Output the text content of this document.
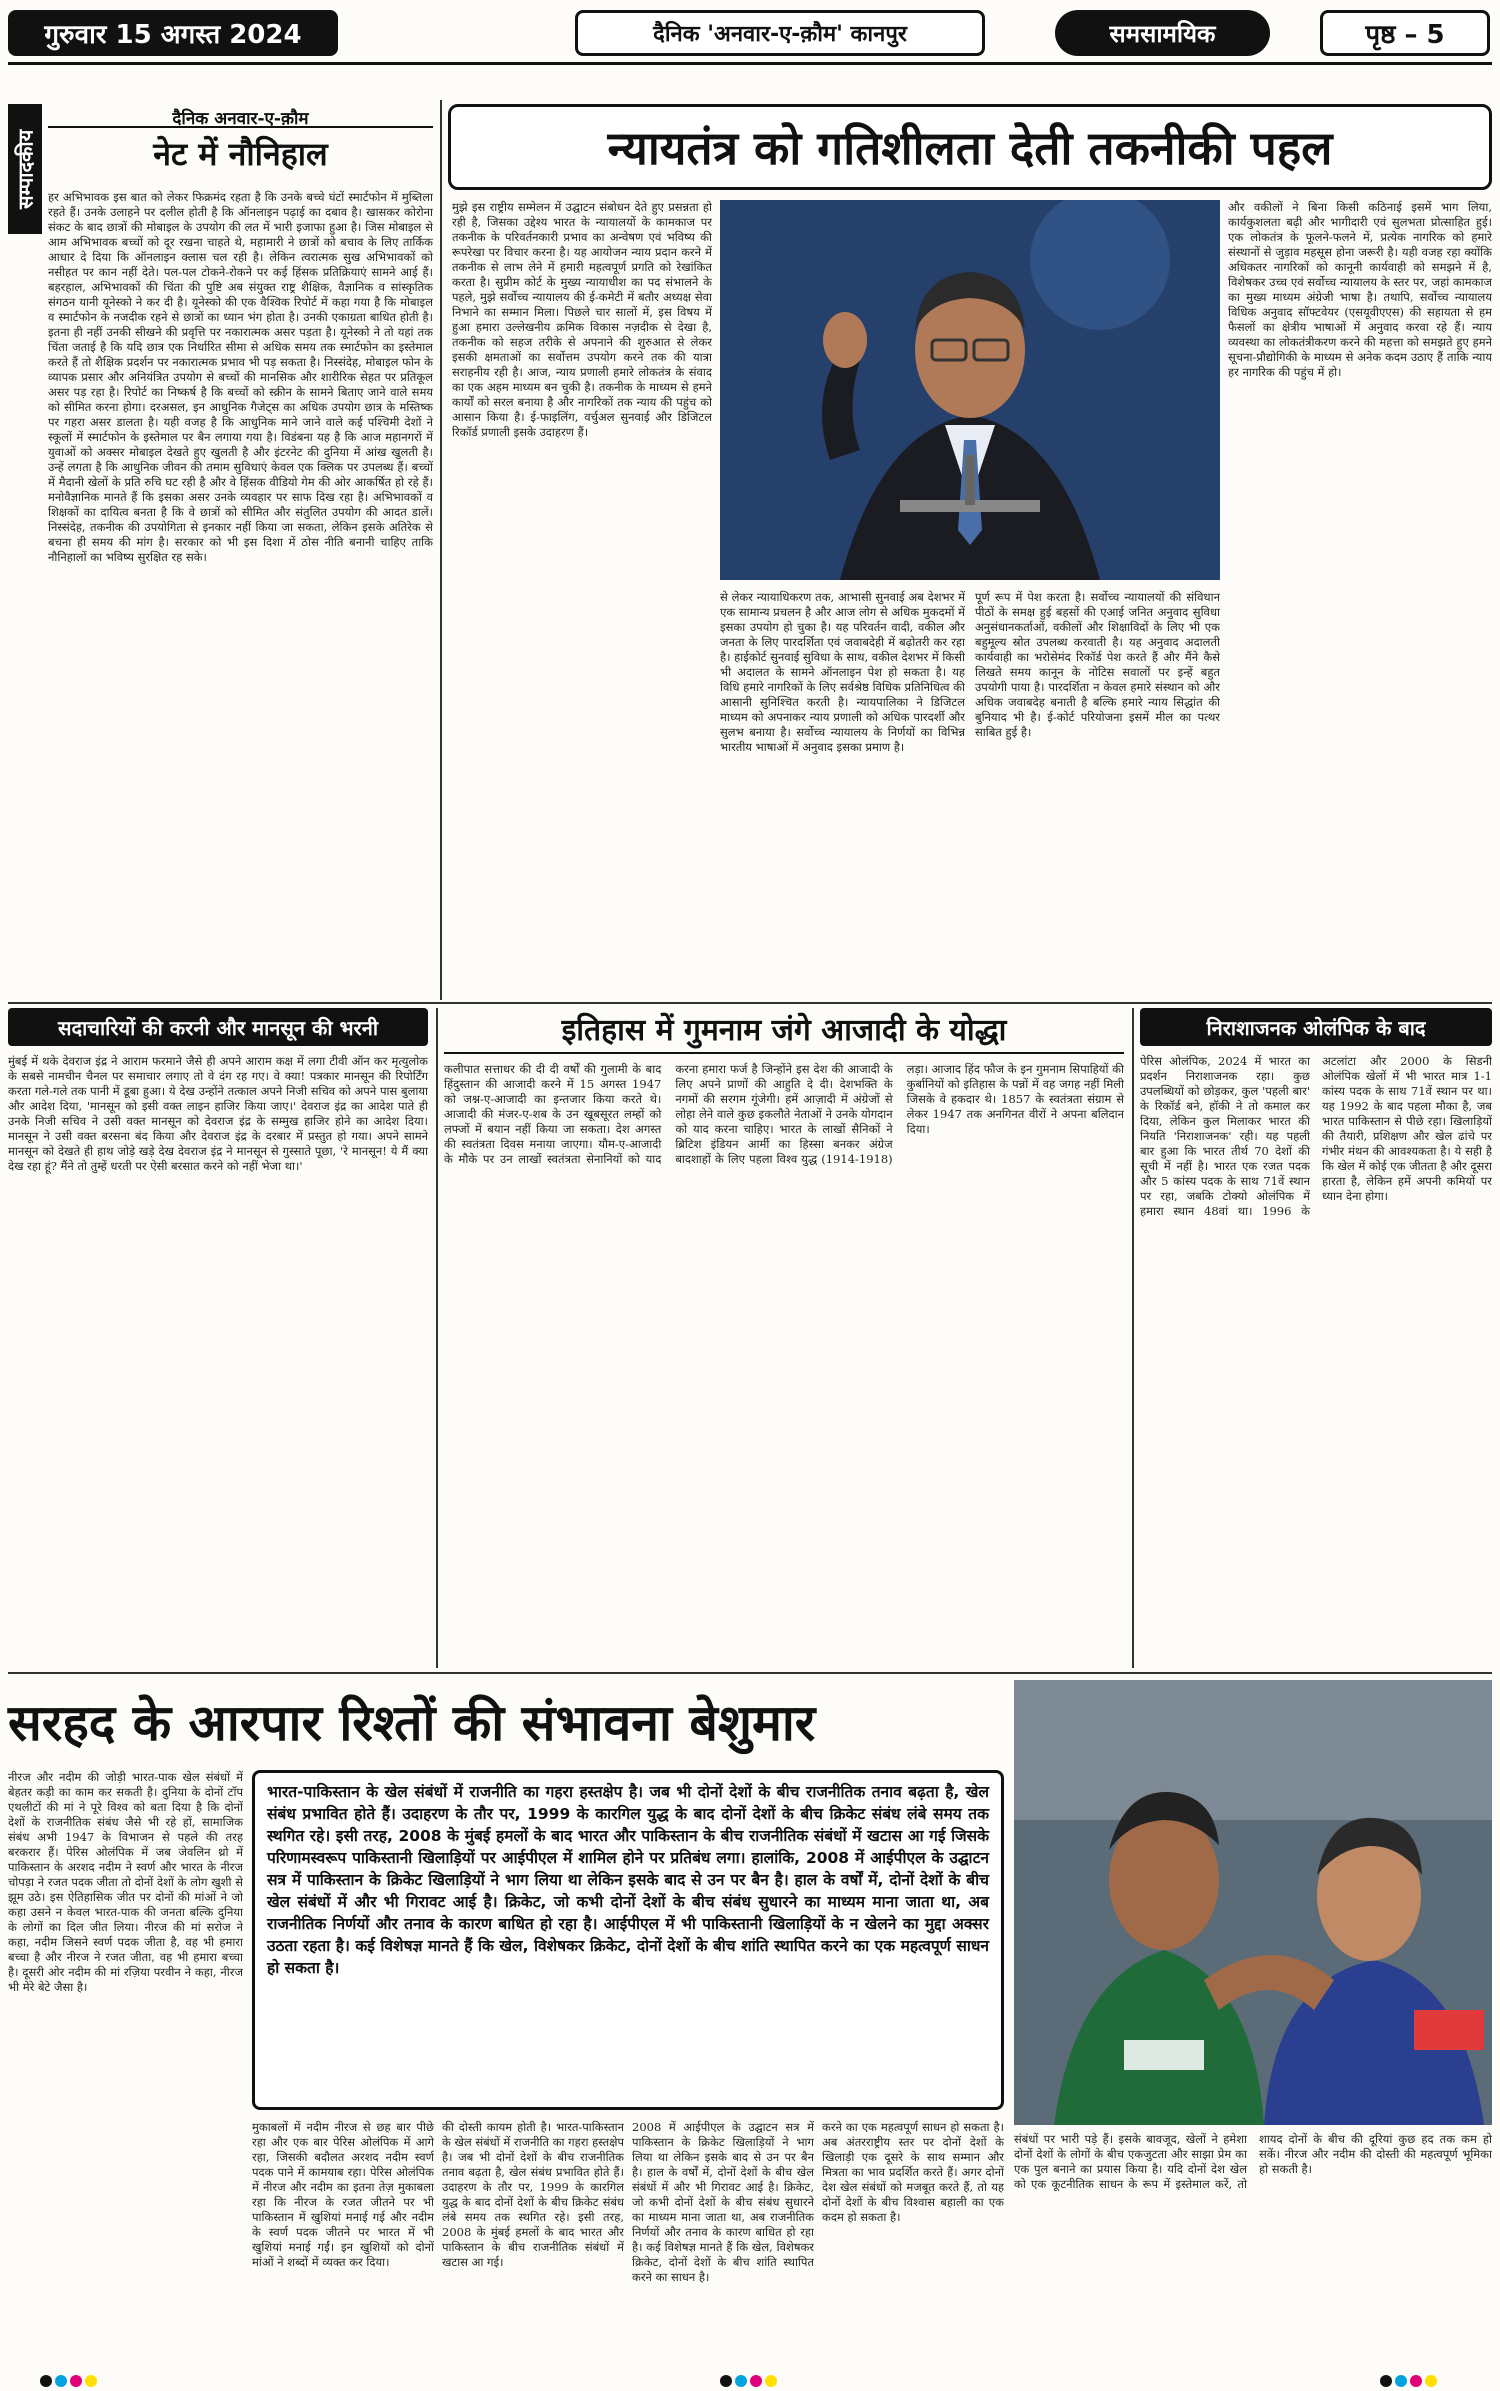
गुरुवार 15 अगस्त 2024	दैनिक 'अनवार-ए-क़ौम' कानपुर	समसामयिक	पृष्ठ – 5
सम्पादकीय
दैनिक अनवार-ए-क़ौम
नेट में नौनिहाल
हर अभिभावक इस बात को लेकर फिक्रमंद रहता है कि उनके बच्चे घंटों स्मार्टफोन में मुब्तिला रहते हैं। उनके उलाहने पर दलील होती है कि ऑनलाइन पढ़ाई का दबाव है। खासकर कोरोना संकट के बाद छात्रों की मोबाइल के उपयोग की लत में भारी इजाफा हुआ है। जिस मोबाइल से आम अभिभावक बच्चों को दूर रखना चाहते थे, महामारी ने छात्रों को बचाव के लिए तार्किक आधार दे दिया कि ऑनलाइन क्लास चल रही है। लेकिन त्वरात्मक सुख अभिभावकों को नसीहत पर कान नहीं देते। पल-पल टोकने-रोकने पर कई हिंसक प्रतिक्रियाएं सामने आई हैं। बहरहाल, अभिभावकों की चिंता की पुष्टि अब संयुक्त राष्ट्र शैक्षिक, वैज्ञानिक व सांस्कृतिक संगठन यानी यूनेस्को ने कर दी है। यूनेस्को की एक वैश्विक रिपोर्ट में कहा गया है कि मोबाइल व स्मार्टफोन के नजदीक रहने से छात्रों का ध्यान भंग होता है। उनकी एकाग्रता बाधित होती है। इतना ही नहीं उनकी सीखने की प्रवृत्ति पर नकारात्मक असर पड़ता है। यूनेस्को ने तो यहां तक चिंता जताई है कि यदि छात्र एक निर्धारित सीमा से अधिक समय तक स्मार्टफोन का इस्तेमाल करते हैं तो शैक्षिक प्रदर्शन पर नकारात्मक प्रभाव भी पड़ सकता है। निस्संदेह, मोबाइल फोन के व्यापक प्रसार और अनियंत्रित उपयोग से बच्चों की मानसिक और शारीरिक सेहत पर प्रतिकूल असर पड़ रहा है। रिपोर्ट का निष्कर्ष है कि बच्चों को स्क्रीन के सामने बिताए जाने वाले समय को सीमित करना होगा। दरअसल, इन आधुनिक गैजेट्स का अधिक उपयोग छात्र के मस्तिष्क पर गहरा असर डालता है। यही वजह है कि आधुनिक माने जाने वाले कई पश्चिमी देशों ने स्कूलों में स्मार्टफोन के इस्तेमाल पर बैन लगाया गया है। विडंबना यह है कि आज महानगरों में युवाओं को अक्सर मोबाइल देखते हुए खुलती है और इंटरनेट की दुनिया में आंख खुलती है। उन्हें लगता है कि आधुनिक जीवन की तमाम सुविधाएं केवल एक क्लिक पर उपलब्ध हैं। बच्चों में मैदानी खेलों के प्रति रुचि घट रही है और वे हिंसक वीडियो गेम की ओर आकर्षित हो रहे हैं। मनोवैज्ञानिक मानते हैं कि इसका असर उनके व्यवहार पर साफ दिख रहा है। अभिभावकों व शिक्षकों का दायित्व बनता है कि वे छात्रों को सीमित और संतुलित उपयोग की आदत डालें। निस्संदेह, तकनीक की उपयोगिता से इनकार नहीं किया जा सकता, लेकिन इसके अतिरेक से बचना ही समय की मांग है। सरकार को भी इस दिशा में ठोस नीति बनानी चाहिए ताकि नौनिहालों का भविष्य सुरक्षित रह सके।
न्यायतंत्र को गतिशीलता देती तकनीकी पहल
मुझे इस राष्ट्रीय सम्मेलन में उद्घाटन संबोधन देते हुए प्रसन्नता हो रही है, जिसका उद्देश्य भारत के न्यायालयों के कामकाज पर तकनीक के परिवर्तनकारी प्रभाव का अन्वेषण एवं भविष्य की रूपरेखा पर विचार करना है। यह आयोजन न्याय प्रदान करने में तकनीक से लाभ लेने में हमारी महत्वपूर्ण प्रगति को रेखांकित करता है। सुप्रीम कोर्ट के मुख्य न्यायाधीश का पद संभालने के पहले, मुझे सर्वोच्च न्यायालय की ई-कमेटी में बतौर अध्यक्ष सेवा निभाने का सम्मान मिला। पिछले चार सालों में, इस विषय में हुआ हमारा उल्लेखनीय क्रमिक विकास नज़दीक से देखा है, तकनीक को सहज तरीके से अपनाने की शुरुआत से लेकर इसकी क्षमताओं का सर्वोत्तम उपयोग करने तक की यात्रा सराहनीय रही है। आज, न्याय प्रणाली हमारे लोकतंत्र के संवाद का एक अहम माध्यम बन चुकी है। तकनीक के माध्यम से हमने कार्यों को सरल बनाया है और नागरिकों तक न्याय की पहुंच को आसान किया है। ई-फाइलिंग, वर्चुअल सुनवाई और डिजिटल रिकॉर्ड प्रणाली इसके उदाहरण हैं।
और वकीलों ने बिना किसी कठिनाई इसमें भाग लिया, कार्यकुशलता बढ़ी और भागीदारी एवं सुलभता प्रोत्साहित हुई। एक लोकतंत्र के फूलने-फलने में, प्रत्येक नागरिक को हमारे संस्थानों से जुड़ाव महसूस होना जरूरी है। यही वजह रहा क्योंकि अधिकतर नागरिकों को कानूनी कार्यवाही को समझने में है, विशेषकर उच्च एवं सर्वोच्च न्यायालय के स्तर पर, जहां कामकाज का मुख्य माध्यम अंग्रेजी भाषा है। तथापि, सर्वोच्च न्यायालय विधिक अनुवाद सॉफ्टवेयर (एसयूवीएएस) की सहायता से हम फैसलों का क्षेत्रीय भाषाओं में अनुवाद करवा रहे हैं। न्याय व्यवस्था का लोकतंत्रीकरण करने की महत्ता को समझते हुए हमने सूचना-प्रौद्योगिकी के माध्यम से अनेक कदम उठाए हैं ताकि न्याय हर नागरिक की पहुंच में हो।
से लेकर न्यायाधिकरण तक, आभासी सुनवाई अब देशभर में एक सामान्य प्रचलन है और आज लोग से अधिक मुकदमों में इसका उपयोग हो चुका है। यह परिवर्तन वादी, वकील और जनता के लिए पारदर्शिता एवं जवाबदेही में बढ़ोतरी कर रहा है। हाईकोर्ट सुनवाई सुविधा के साथ, वकील देशभर में किसी भी अदालत के सामने ऑनलाइन पेश हो सकता है। यह विधि हमारे नागरिकों के लिए सर्वश्रेष्ठ विधिक प्रतिनिधित्व की आसानी सुनिश्चित करती है। न्यायपालिका ने डिजिटल माध्यम को अपनाकर न्याय प्रणाली को अधिक पारदर्शी और सुलभ बनाया है। सर्वोच्च न्यायालय के निर्णयों का विभिन्न भारतीय भाषाओं में अनुवाद इसका प्रमाण है।
पूर्ण रूप में पेश करता है। सर्वोच्च न्यायालयों की संविधान पीठों के समक्ष हुई बहसों की एआई जनित अनुवाद सुविधा अनुसंधानकर्ताओं, वकीलों और शिक्षाविदों के लिए भी एक बहुमूल्य स्रोत उपलब्ध करवाती है। यह अनुवाद अदालती कार्यवाही का भरोसेमंद रिकॉर्ड पेश करते हैं और मैंने कैसे लिखते समय कानून के नोटिस सवालों पर इन्हें बहुत उपयोगी पाया है। पारदर्शिता न केवल हमारे संस्थान को और अधिक जवाबदेह बनाती है बल्कि हमारे न्याय सिद्धांत की बुनियाद भी है। ई-कोर्ट परियोजना इसमें मील का पत्थर साबित हुई है।
सदाचारियों की करनी और मानसून की भरनी
मुंबई में थके देवराज इंद्र ने आराम फरमाने जैसे ही अपने आराम कक्ष में लगा टीवी ऑन कर मृत्युलोक के सबसे नामचीन चैनल पर समाचार लगाए तो वे दंग रह गए। वे क्या! पत्रकार मानसून की रिपोर्टिंग करता गले-गले तक पानी में डूबा हुआ। ये देख उन्होंने तत्काल अपने निजी सचिव को अपने पास बुलाया और आदेश दिया, 'मानसून को इसी वक्त लाइन हाजिर किया जाए।' देवराज इंद्र का आदेश पाते ही उनके निजी सचिव ने उसी वक्त मानसून को देवराज इंद्र के सम्मुख हाजिर होने का आदेश दिया। मानसून ने उसी वक्त बरसना बंद किया और देवराज इंद्र के दरबार में प्रस्तुत हो गया। अपने सामने मानसून को देखते ही हाथ जोड़े खड़े देख देवराज इंद्र ने मानसून से गुस्साते पूछा, 'रे मानसून! ये मैं क्या देख रहा हूं? मैंने तो तुम्हें धरती पर ऐसी बरसात करने को नहीं भेजा था।'
इतिहास में गुमनाम जंगे आजादी के योद्धा
कलीपात सत्ताधर की दी दी वर्षों की गुलामी के बाद हिंदुस्तान की आजादी करने में 15 अगस्त 1947 को जश्न-ए-आजादी का इन्तजार किया करते थे। आजादी की मंजर-ए-शब के उन खूबसूरत लम्हों को लफ्जों में बयान नहीं किया जा सकता। देश अगस्त की स्वतंत्रता दिवस मनाया जाएगा। यौम-ए-आजादी के मौके पर उन लाखों स्वतंत्रता सेनानियों को याद करना हमारा फर्ज है जिन्होंने इस देश की आजादी के लिए अपने प्राणों की आहुति दे दी। देशभक्ति के नगमों की सरगम गूंजेगी। हमें आज़ादी में अंग्रेजों से लोहा लेने वाले कुछ इकलौते नेताओं ने उनके योगदान को याद करना चाहिए। भारत के लाखों सैनिकों ने ब्रिटिश इंडियन आर्मी का हिस्सा बनकर अंग्रेज बादशाहों के लिए पहला विश्व युद्ध (1914-1918) लड़ा। आजाद हिंद फौज के इन गुमनाम सिपाहियों की कुर्बानियों को इतिहास के पन्नों में वह जगह नहीं मिली जिसके वे हकदार थे। 1857 के स्वतंत्रता संग्राम से लेकर 1947 तक अनगिनत वीरों ने अपना बलिदान दिया।
निराशाजनक ओलंपिक के बाद
पेरिस ओलंपिक, 2024 में भारत का प्रदर्शन निराशाजनक रहा। कुछ उपलब्धियों को छोड़कर, कुल 'पहली बार' के रिकॉर्ड बने, हॉकी ने तो कमाल कर दिया, लेकिन कुल मिलाकर भारत की नियति 'निराशाजनक' रही। यह पहली बार हुआ कि भारत तीर्थ 70 देशों की सूची में नहीं है। भारत एक रजत पदक और 5 कांस्य पदक के साथ 71वें स्थान पर रहा, जबकि टोक्यो ओलंपिक में हमारा स्थान 48वां था। 1996 के अटलांटा और 2000 के सिडनी ओलंपिक खेलों में भी भारत मात्र 1-1 कांस्य पदक के साथ 71वें स्थान पर था। यह 1992 के बाद पहला मौका है, जब भारत पाकिस्तान से पीछे रहा। खिलाड़ियों की तैयारी, प्रशिक्षण और खेल ढांचे पर गंभीर मंथन की आवश्यकता है। ये सही है कि खेल में कोई एक जीतता है और दूसरा हारता है, लेकिन हमें अपनी कमियों पर ध्यान देना होगा।
सरहद के आरपार रिश्तों की संभावना बेशुमार
नीरज और नदीम की जोड़ी भारत-पाक खेल संबंधों में बेहतर कड़ी का काम कर सकती है। दुनिया के दोनों टॉप एथलीटों की मां ने पूरे विश्व को बता दिया है कि दोनों देशों के राजनीतिक संबंध जैसे भी रहे हों, सामाजिक संबंध अभी 1947 के विभाजन से पहले की तरह बरकरार हैं। पेरिस ओलंपिक में जब जेवलिन थ्रो में पाकिस्तान के अरशद नदीम ने स्वर्ण और भारत के नीरज चोपड़ा ने रजत पदक जीता तो दोनों देशों के लोग खुशी से झूम उठे। इस ऐतिहासिक जीत पर दोनों की मांओं ने जो कहा उसने न केवल भारत-पाक की जनता बल्कि दुनिया के लोगों का दिल जीत लिया। नीरज की मां सरोज ने कहा, नदीम जिसने स्वर्ण पदक जीता है, वह भी हमारा बच्चा है और नीरज ने रजत जीता, वह भी हमारा बच्चा है। दूसरी ओर नदीम की मां रज़िया परवीन ने कहा, नीरज भी मेरे बेटे जैसा है।
भारत-पाकिस्तान के खेल संबंधों में राजनीति का गहरा हस्तक्षेप है। जब भी दोनों देशों के बीच राजनीतिक तनाव बढ़ता है, खेल संबंध प्रभावित होते हैं। उदाहरण के तौर पर, 1999 के कारगिल युद्ध के बाद दोनों देशों के बीच क्रिकेट संबंध लंबे समय तक स्थगित रहे। इसी तरह, 2008 के मुंबई हमलों के बाद भारत और पाकिस्तान के बीच राजनीतिक संबंधों में खटास आ गई जिसके परिणामस्वरूप पाकिस्तानी खिलाड़ियों पर आईपीएल में शामिल होने पर प्रतिबंध लगा। हालांकि, 2008 में आईपीएल के उद्घाटन सत्र में पाकिस्तान के क्रिकेट खिलाड़ियों ने भाग लिया था लेकिन इसके बाद से उन पर बैन है। हाल के वर्षों में, दोनों देशों के बीच खेल संबंधों में और भी गिरावट आई है। क्रिकेट, जो कभी दोनों देशों के बीच संबंध सुधारने का माध्यम माना जाता था, अब राजनीतिक निर्णयों और तनाव के कारण बाधित हो रहा है। आईपीएल में भी पाकिस्तानी खिलाड़ियों के न खेलने का मुद्दा अक्सर उठता रहता है। कई विशेषज्ञ मानते हैं कि खेल, विशेषकर क्रिकेट, दोनों देशों के बीच शांति स्थापित करने का एक महत्वपूर्ण साधन हो सकता है।
मुकाबलों में नदीम नीरज से छह बार पीछे रहा और एक बार पेरिस ओलंपिक में आगे रहा, जिसकी बदौलत अरशद नदीम स्वर्ण पदक पाने में कामयाब रहा। पेरिस ओलंपिक में नीरज और नदीम का इतना तेज़ मुकाबला रहा कि नीरज के रजत जीतने पर भी पाकिस्तान में खुशियां मनाई गई और नदीम के स्वर्ण पदक जीतने पर भारत में भी खुशियां मनाई गईं। इन खुशियों को दोनों मांओं ने शब्दों में व्यक्त कर दिया।
की दोस्ती कायम होती है। भारत-पाकिस्तान के खेल संबंधों में राजनीति का गहरा हस्तक्षेप है। जब भी दोनों देशों के बीच राजनीतिक तनाव बढ़ता है, खेल संबंध प्रभावित होते हैं। उदाहरण के तौर पर, 1999 के कारगिल युद्ध के बाद दोनों देशों के बीच क्रिकेट संबंध लंबे समय तक स्थगित रहे। इसी तरह, 2008 के मुंबई हमलों के बाद भारत और पाकिस्तान के बीच राजनीतिक संबंधों में खटास आ गई।
2008 में आईपीएल के उद्घाटन सत्र में पाकिस्तान के क्रिकेट खिलाड़ियों ने भाग लिया था लेकिन इसके बाद से उन पर बैन है। हाल के वर्षों में, दोनों देशों के बीच खेल संबंधों में और भी गिरावट आई है। क्रिकेट, जो कभी दोनों देशों के बीच संबंध सुधारने का माध्यम माना जाता था, अब राजनीतिक निर्णयों और तनाव के कारण बाधित हो रहा है। कई विशेषज्ञ मानते हैं कि खेल, विशेषकर क्रिकेट, दोनों देशों के बीच शांति स्थापित करने का साधन है।
करने का एक महत्वपूर्ण साधन हो सकता है। अब अंतरराष्ट्रीय स्तर पर दोनों देशों के खिलाड़ी एक दूसरे के साथ सम्मान और मित्रता का भाव प्रदर्शित करते हैं। अगर दोनों देश खेल संबंधों को मजबूत करते हैं, तो यह दोनों देशों के बीच विश्वास बहाली का एक कदम हो सकता है।
संबंधों पर भारी पड़े हैं। इसके बावजूद, खेलों ने हमेशा दोनों देशों के लोगों के बीच एकजुटता और साझा प्रेम का एक पुल बनाने का प्रयास किया है। यदि दोनों देश खेल को एक कूटनीतिक साधन के रूप में इस्तेमाल करें, तो शायद दोनों के बीच की दूरियां कुछ हद तक कम हो सकें। नीरज और नदीम की दोस्ती की महत्वपूर्ण भूमिका हो सकती है।
